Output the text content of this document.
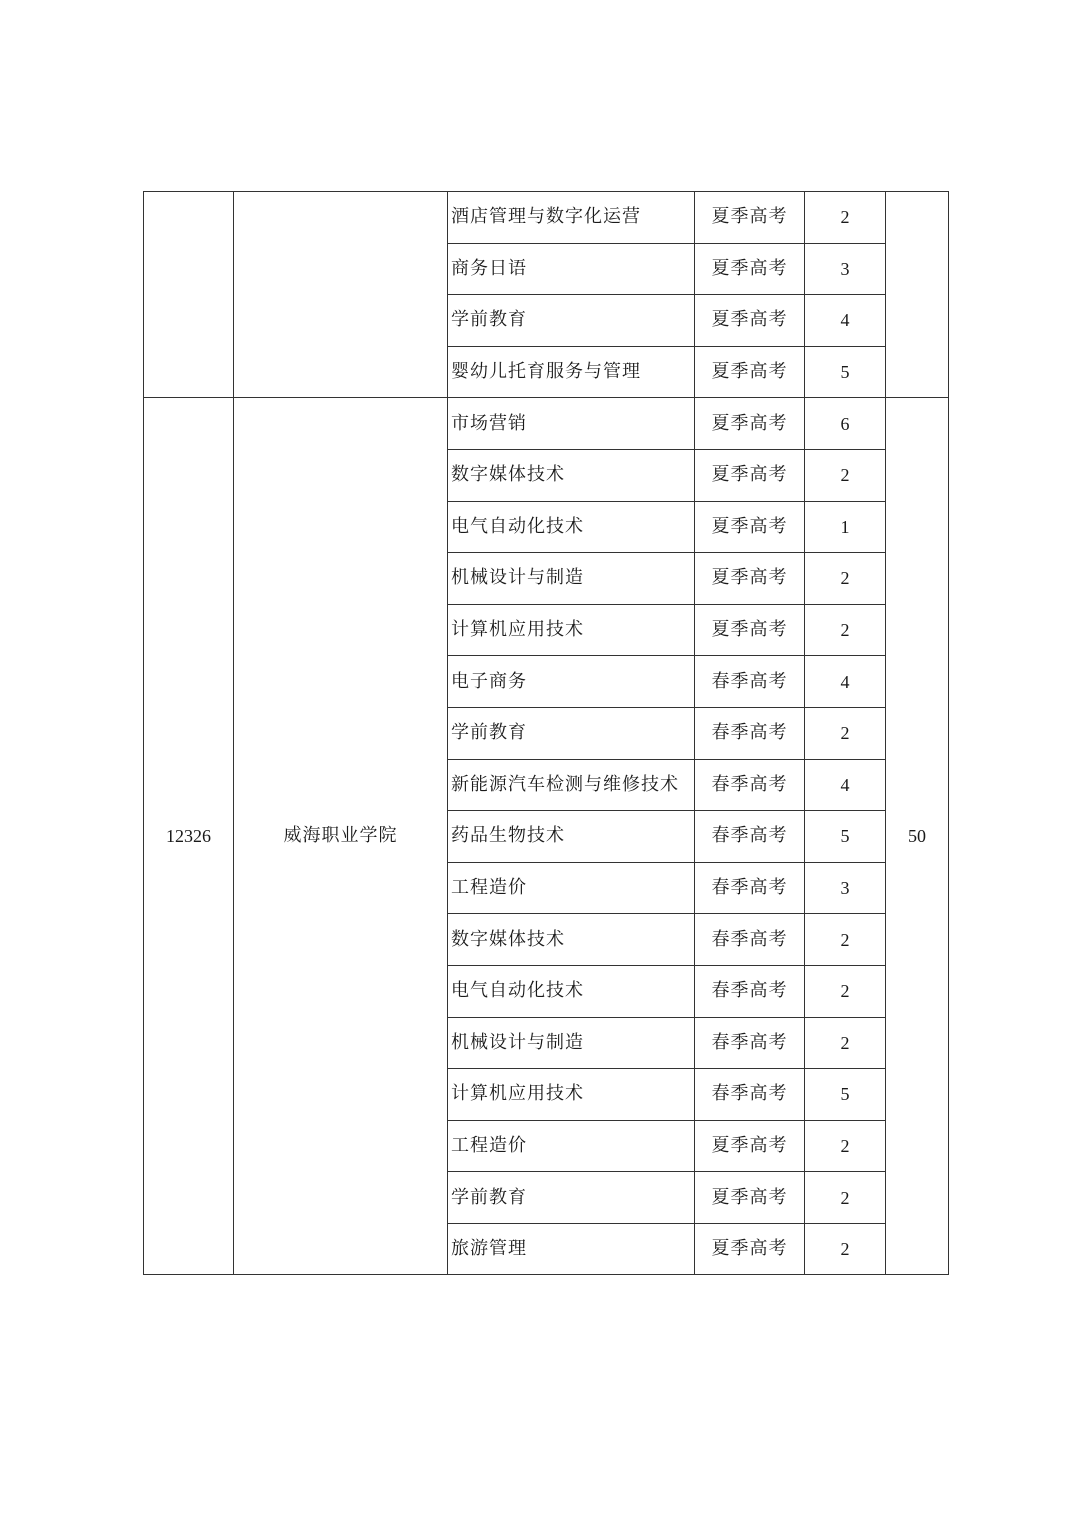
		酒店管理与数字化运营	夏季高考	2	
		商务日语	夏季高考	3	
		学前教育	夏季高考	4	
		婴幼儿托育服务与管理	夏季高考	5	
12326	威海职业学院	市场营销	夏季高考	6	50
		数字媒体技术	夏季高考	2	
		电气自动化技术	夏季高考	1	
		机械设计与制造	夏季高考	2	
		计算机应用技术	夏季高考	2	
		电子商务	春季高考	4	
		学前教育	春季高考	2	
		新能源汽车检测与维修技术	春季高考	4	
		药品生物技术	春季高考	5	
		工程造价	春季高考	3	
		数字媒体技术	春季高考	2	
		电气自动化技术	春季高考	2	
		机械设计与制造	春季高考	2	
		计算机应用技术	春季高考	5	
		工程造价	夏季高考	2	
		学前教育	夏季高考	2	
		旅游管理	夏季高考	2	
